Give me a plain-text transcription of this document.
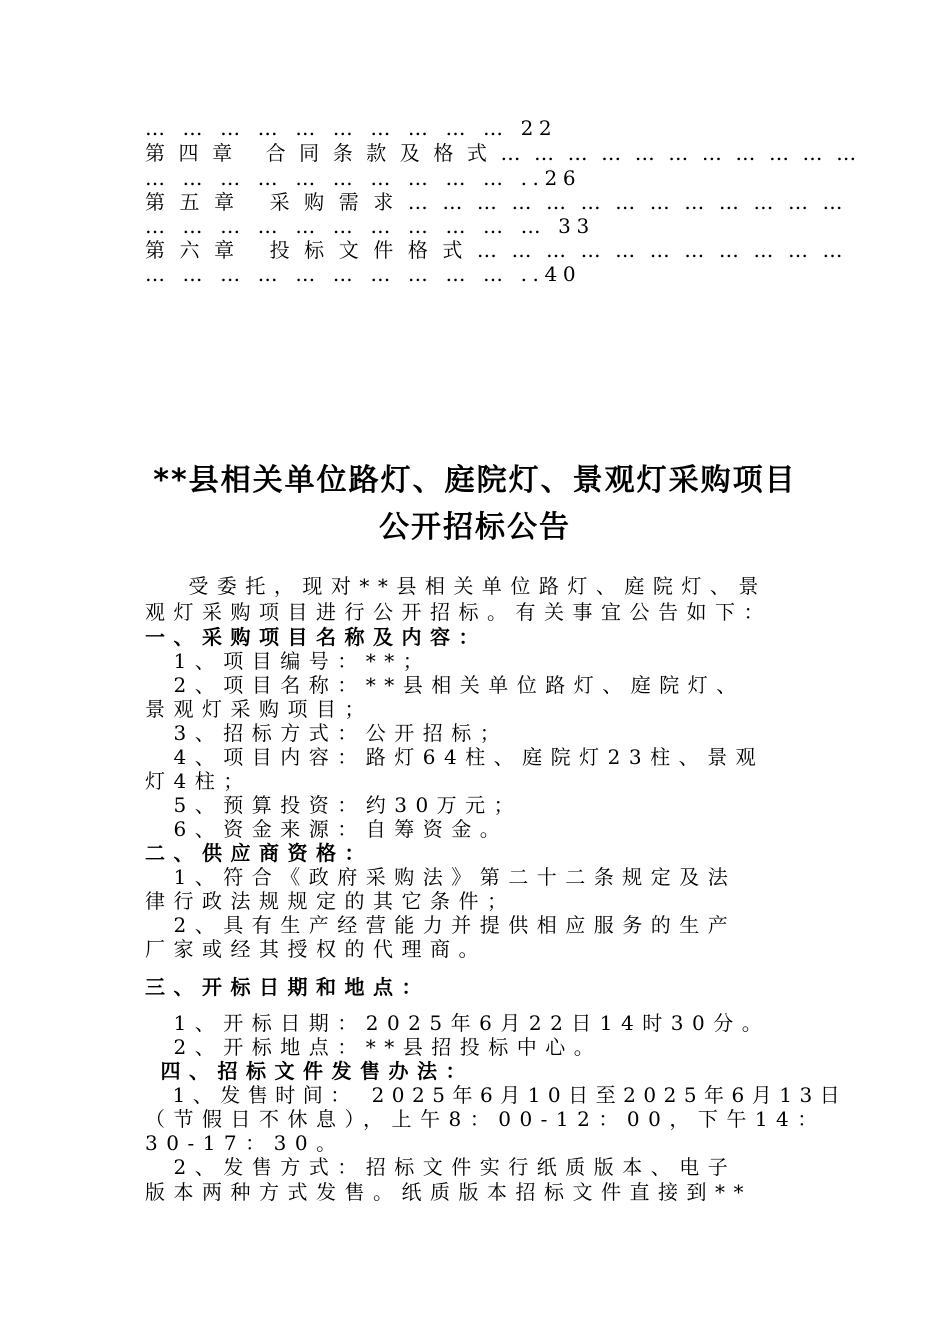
… … … … … … … … … … 22
第 四 章   合 同 条 款 及 格 式 … … … … … … … … … … …
… … … … … … … … … … ..26
第 五 章   采 购 需 求 … … … … … … … … … … … … …
… … … … … … … … … … … 33
第 六 章   投 标 文 件 格 式 … … … … … … … … … … …
… … … … … … … … … … ..40
**县相关单位路灯、庭院灯、景观灯采购项目
公开招标公告
　 受委托，现对**县相关单位路灯、庭院灯、景
观灯采购项目进行公开招标。有关事宜公告如下：
一、采购项目名称及内容：
　1、项目编号：**；
　2、项目名称：**县相关单位路灯、庭院灯、
景观灯采购项目；
　3、招标方式：公开招标；
　4、项目内容：路灯64柱、庭院灯23柱、景观
灯4柱；
　5、预算投资：约30万元；
　6、资金来源：自筹资金。
二、供应商资格：
　1、符合《政府采购法》第二十二条规定及法
律行政法规规定的其它条件；
　2、具有生产经营能力并提供相应服务的生产
厂家或经其授权的代理商。
三、开标日期和地点：
　1、开标日期：2025年6月22日14时30分。
　2、开标地点：**县招投标中心。
四、招标文件发售办法：
　1、发售时间： 2025年6月10日至2025年6月13日
（节假日不休息），上午8：00-12：00，下午14：
30-17：30。
　2、发售方式：招标文件实行纸质版本、电子
版本两种方式发售。纸质版本招标文件直接到**
